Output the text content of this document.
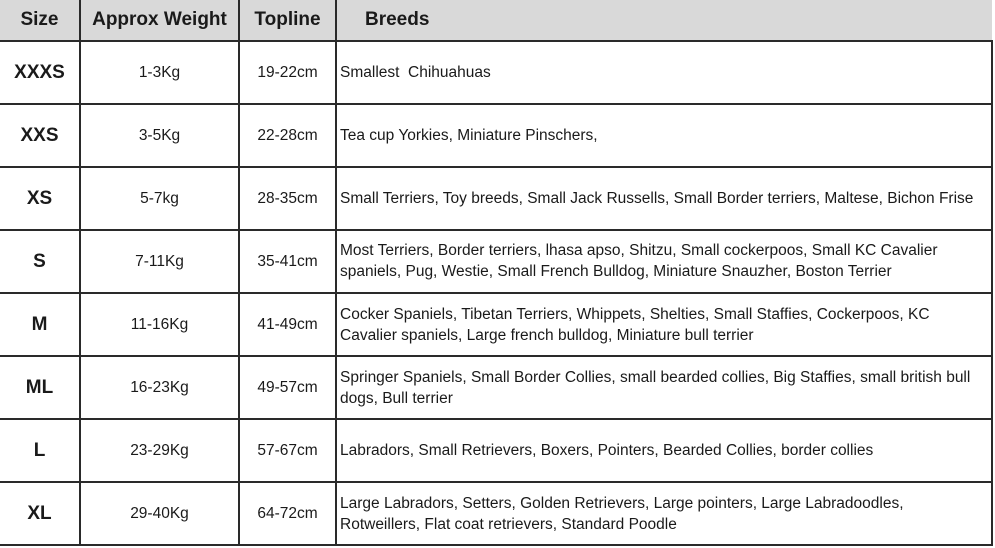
Size	Approx Weight	Topline	Breeds
XXXS	1-3Kg	19-22cm	Smallest  Chihuahuas
XXS	3-5Kg	22-28cm	Tea cup Yorkies, Miniature Pinschers,
XS	5-7kg	28-35cm	Small Terriers, Toy breeds, Small Jack Russells, Small Border terriers, Maltese, Bichon Frise
S	7-11Kg	35-41cm	Most Terriers, Border terriers, lhasa apso, Shitzu, Small cockerpoos, Small KC Cavalier spaniels, Pug, Westie, Small French Bulldog, Miniature Snauzher, Boston Terrier
M	11-16Kg	41-49cm	Cocker Spaniels, Tibetan Terriers, Whippets, Shelties, Small Staffies, Cockerpoos, KC Cavalier spaniels, Large french bulldog, Miniature bull terrier
ML	16-23Kg	49-57cm	Springer Spaniels, Small Border Collies, small bearded collies, Big Staffies, small british bull dogs, Bull terrier
L	23-29Kg	57-67cm	Labradors, Small Retrievers, Boxers, Pointers, Bearded Collies, border collies
XL	29-40Kg	64-72cm	Large Labradors, Setters, Golden Retrievers, Large pointers, Large Labradoodles, Rotweillers, Flat coat retrievers, Standard Poodle
